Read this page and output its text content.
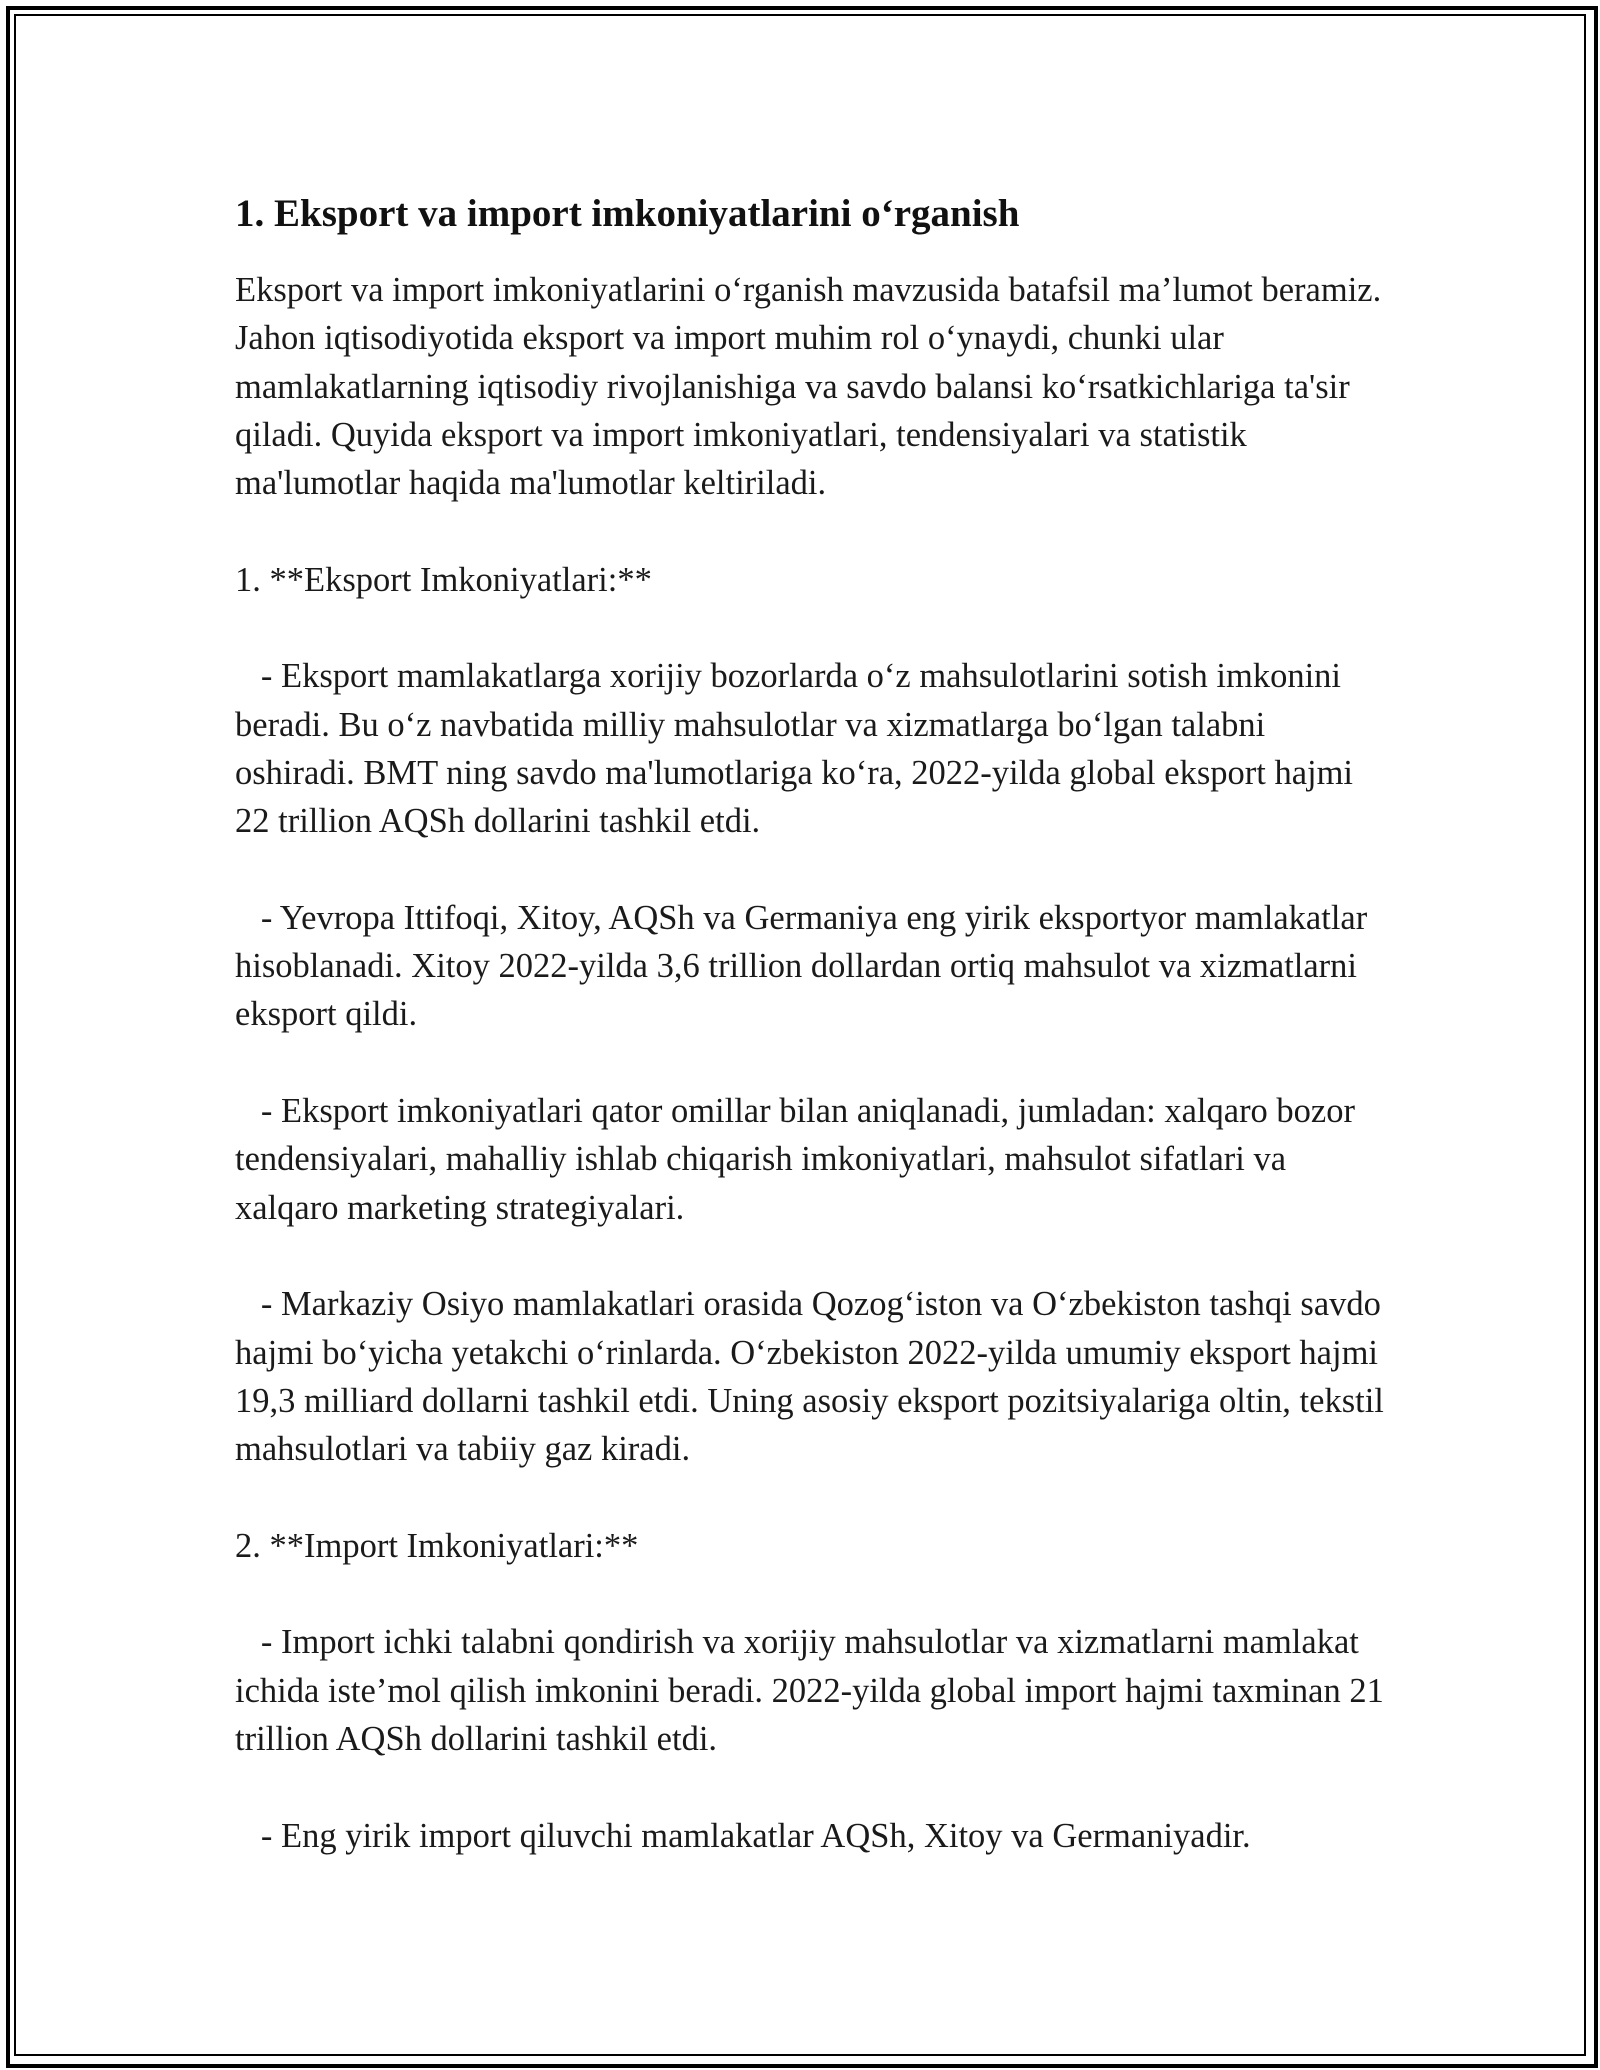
1. Eksport va import imkoniyatlarini o‘rganish

Eksport va import imkoniyatlarini o‘rganish mavzusida batafsil ma’lumot beramiz. Jahon iqtisodiyotida eksport va import muhim rol o‘ynaydi, chunki ular mamlakatlarning iqtisodiy rivojlanishiga va savdo balansi ko‘rsatkichlariga ta'sir qiladi. Quyida eksport va import imkoniyatlari, tendensiyalari va statistik ma'lumotlar haqida ma'lumotlar keltiriladi.

1. **Eksport Imkoniyatlari:**

- Eksport mamlakatlarga xorijiy bozorlarda o‘z mahsulotlarini sotish imkonini beradi. Bu o‘z navbatida milliy mahsulotlar va xizmatlarga bo‘lgan talabni oshiradi. BMT ning savdo ma'lumotlariga ko‘ra, 2022-yilda global eksport hajmi 22 trillion AQSh dollarini tashkil etdi.

- Yevropa Ittifoqi, Xitoy, AQSh va Germaniya eng yirik eksportyor mamlakatlar hisoblanadi. Xitoy 2022-yilda 3,6 trillion dollardan ortiq mahsulot va xizmatlarni eksport qildi.

- Eksport imkoniyatlari qator omillar bilan aniqlanadi, jumladan: xalqaro bozor tendensiyalari, mahalliy ishlab chiqarish imkoniyatlari, mahsulot sifatlari va xalqaro marketing strategiyalari.

- Markaziy Osiyo mamlakatlari orasida Qozog‘iston va O‘zbekiston tashqi savdo hajmi bo‘yicha yetakchi o‘rinlarda. O‘zbekiston 2022-yilda umumiy eksport hajmi 19,3 milliard dollarni tashkil etdi. Uning asosiy eksport pozitsiyalariga oltin, tekstil mahsulotlari va tabiiy gaz kiradi.

2. **Import Imkoniyatlari:**

- Import ichki talabni qondirish va xorijiy mahsulotlar va xizmatlarni mamlakat ichida iste’mol qilish imkonini beradi. 2022-yilda global import hajmi taxminan 21 trillion AQSh dollarini tashkil etdi.

- Eng yirik import qiluvchi mamlakatlar AQSh, Xitoy va Germaniyadir.
